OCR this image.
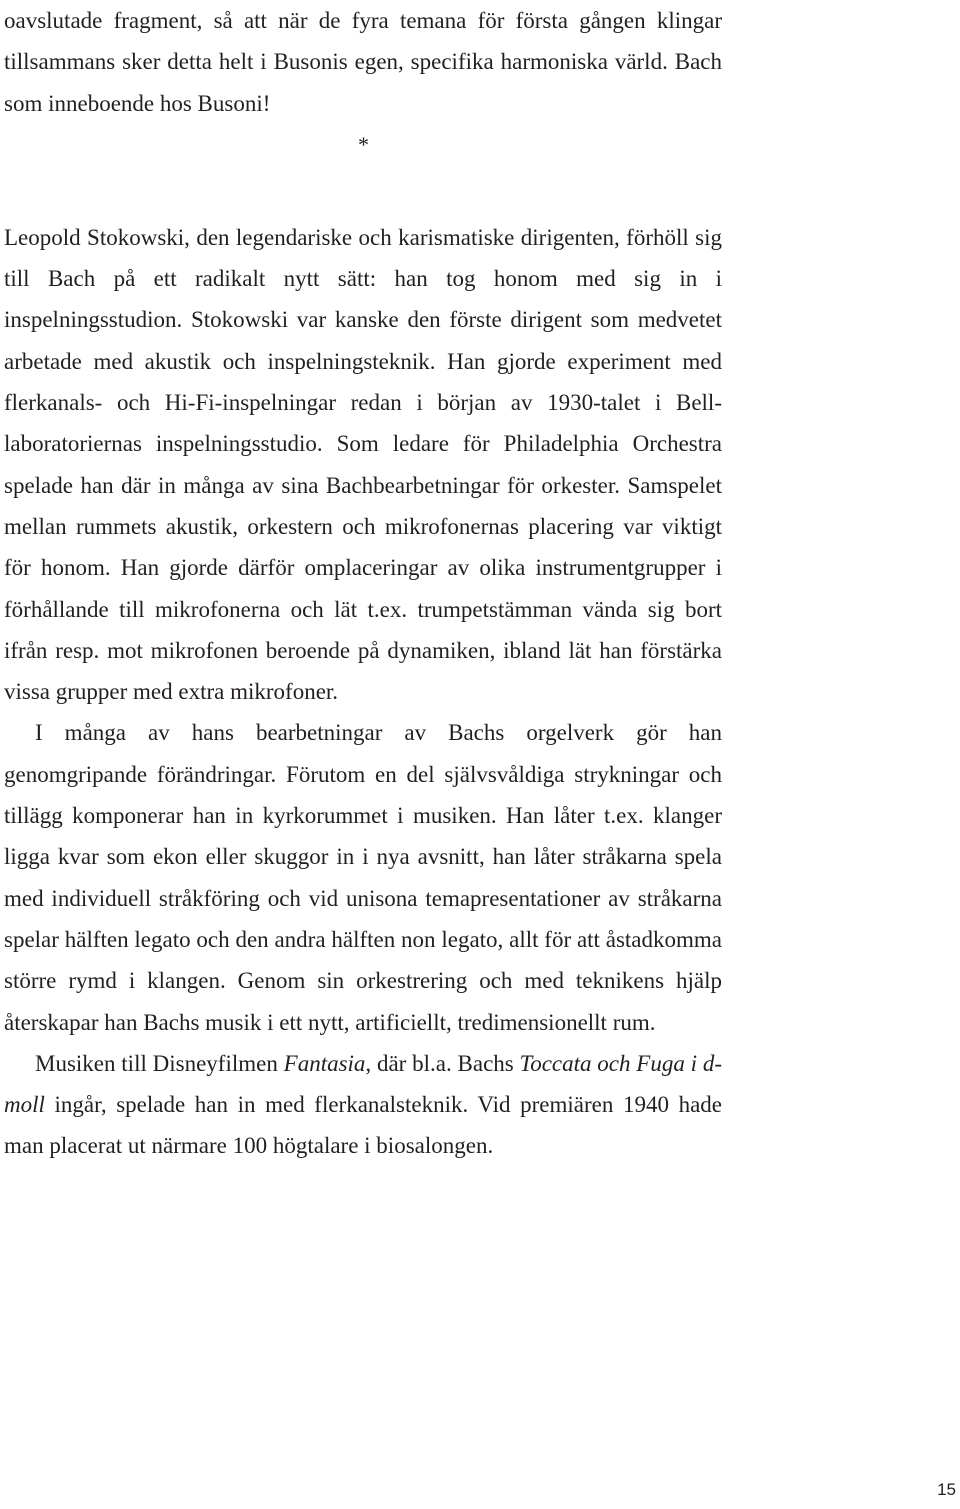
oavslutade fragment, så att när de fyra temana för första gången klingar tillsammans sker detta helt i Busonis egen, specifika harmoniska värld. Bach som inneboende hos Busoni!

*

Leopold Stokowski, den legendariske och karismatiske dirigenten, förhöll sig till Bach på ett radikalt nytt sätt: han tog honom med sig in i inspelningsstudion. Stokowski var kanske den förste dirigent som medvetet arbetade med akustik och inspelningsteknik. Han gjorde experiment med flerkanals- och Hi-Fi-inspelningar redan i början av 1930-talet i Bell-laboratoriernas inspelningsstudio. Som ledare för Philadelphia Orchestra spelade han där in många av sina Bachbearbetningar för orkester. Samspelet mellan rummets akustik, orkestern och mikrofonernas placering var viktigt för honom. Han gjorde därför omplaceringar av olika instrumentgrupper i förhållande till mikrofonerna och lät t.ex. trumpetstämman vända sig bort ifrån resp. mot mikrofonen beroende på dynamiken, ibland lät han förstärka vissa grupper med extra mikrofoner.

I många av hans bearbetningar av Bachs orgelverk gör han genomgripande förändringar. Förutom en del självsvåldiga strykningar och tillägg komponerar han in kyrkorummet i musiken. Han låter t.ex. klanger ligga kvar som ekon eller skuggor in i nya avsnitt, han låter stråkarna spela med individuell stråkföring och vid unisona temapresentationer av stråkarna spelar hälften legato och den andra hälften non legato, allt för att åstadkomma större rymd i klangen. Genom sin orkestrering och med teknikens hjälp återskapar han Bachs musik i ett nytt, artificiellt, tredimensionellt rum.

Musiken till Disneyfilmen Fantasia, där bl.a. Bachs Toccata och Fuga i d-moll ingår, spelade han in med flerkanalsteknik. Vid premiären 1940 hade man placerat ut närmare 100 högtalare i biosalongen.

15
